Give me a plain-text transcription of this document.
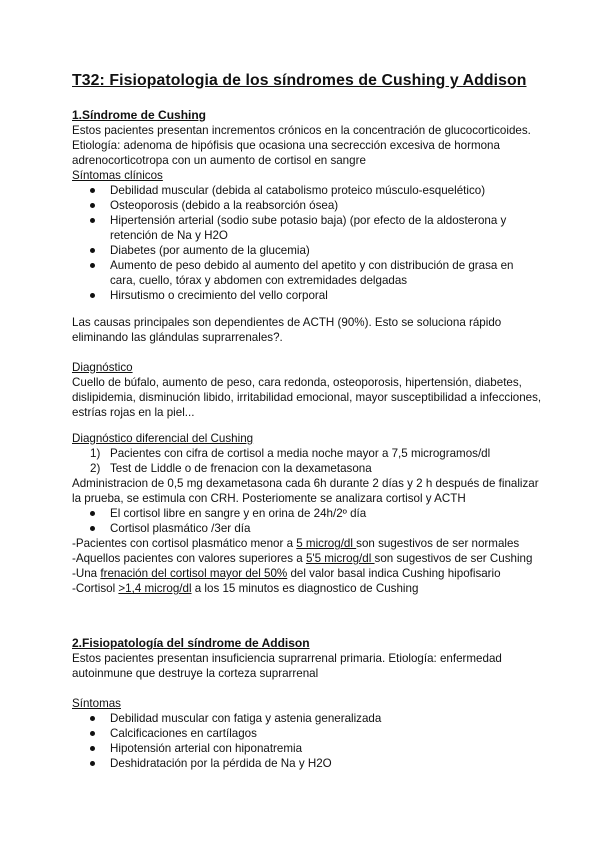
T32: Fisiopatologia de los síndromes de Cushing y Addison

1.Síndrome de Cushing

Estos pacientes presentan incrementos crónicos en la concentración de glucocorticoides. Etiología: adenoma de hipófisis que ocasiona una secrección excesiva de hormona adrenocorticotropa con un aumento de cortisol en sangre

Síntomas clínicos

Debilidad muscular (debida al catabolismo proteico músculo-esquelético)
Osteoporosis (debido a la reabsorción ósea)
Hipertensión arterial (sodio sube potasio baja) (por efecto de la aldosterona y retención de Na y H2O
Diabetes (por aumento de la glucemia)
Aumento de peso debido al aumento del apetito y con distribución de grasa en cara, cuello, tórax y abdomen con extremidades delgadas
Hirsutismo o crecimiento del vello corporal

Las causas principales son dependientes de ACTH (90%). Esto se soluciona rápido eliminando las glándulas suprarrenales?.

Diagnóstico

Cuello de búfalo, aumento de peso, cara redonda, osteoporosis, hipertensión, diabetes, dislipidemia, disminución libido, irritabilidad emocional, mayor susceptibilidad a infecciones, estrías rojas en la piel...

Diagnóstico diferencial del Cushing

1) Pacientes con cifra de cortisol a media noche mayor a 7,5 microgramos/dl
2) Test de Liddle o de frenacion con la dexametasona

Administracion de 0,5 mg dexametasona cada 6h durante 2 días y 2 h después de finalizar la prueba, se estimula con CRH. Posteriomente se analizara cortisol y ACTH

El cortisol libre en sangre y en orina de 24h/2º día
Cortisol plasmático /3er día

-Pacientes con cortisol plasmático menor a 5 microg/dl son sugestivos de ser normales

-Aquellos pacientes con valores superiores a 5'5 microg/dl son sugestivos de ser Cushing

-Una frenación del cortisol mayor del 50% del valor basal indica Cushing hipofisario

-Cortisol >1,4 microg/dl a los 15 minutos es diagnostico de Cushing

2.Fisiopatología del síndrome de Addison

Estos pacientes presentan insuficiencia suprarrenal primaria. Etiología: enfermedad autoinmune que destruye la corteza suprarrenal

Síntomas

Debilidad muscular con fatiga y astenia generalizada
Calcificaciones en cartílagos
Hipotensión arterial con hiponatremia
Deshidratación por la pérdida de Na y H2O
